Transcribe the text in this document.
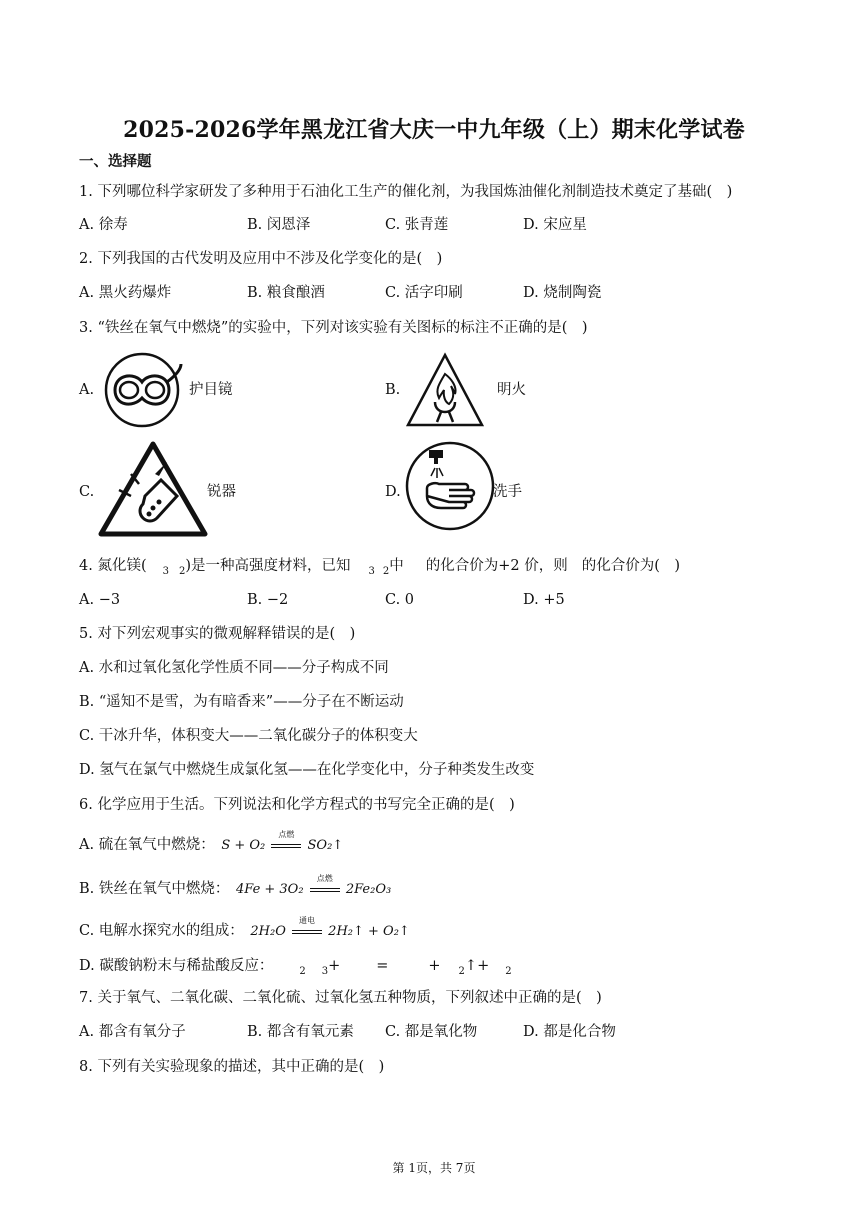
2025-2026学年黑龙江省大庆一中九年级（上）期末化学试卷
一、选择题
1. 下列哪位科学家研发了多种用于石油化工生产的催化剂，为我国炼油催化剂制造技术奠定了基础(　)
A. 徐寿	B. 闵恩泽	C. 张青莲	D. 宋应星
2. 下列我国的古代发明及应用中不涉及化学变化的是(　)
A. 黑火药爆炸	B. 粮食酿酒	C. 活字印刷	D. 烧制陶瓷
3. “铁丝在氧气中燃烧”的实验中，下列对该实验有关图标的标注不正确的是(　)
A.	护目镜	B.	明火
C.	锐器	D.	洗手
4. 氮化镁( $_3$ $_2$)是一种高强度材料，已知 $_3$ $_2$中 的化合价为+2 价，则 的化合价为(　)
A. −3	B. −2	C. 0	D. +5
5. 对下列宏观事实的微观解释错误的是(　)
A. 水和过氧化氢化学性质不同——分子构成不同
B. “遥知不是雪，为有暗香来”——分子在不断运动
C. 干冰升华，体积变大——二氧化碳分子的体积变大
D. 氢气在氯气中燃烧生成氯化氢——在化学变化中，分子种类发生改变
6. 化学应用于生活。下列说法和化学方程式的书写完全正确的是(　)
A. 硫在氧气中燃烧： S + O₂
点燃
SO₂↑
B. 铁丝在氧气中燃烧： 4Fe + 3O₂
点燃
2Fe₂O₃
C. 电解水探究水的组成： 2H₂O
通电
2H₂↑ + O₂↑
D. 碳酸钠粉末与稀盐酸反应：	$_2$ $_3$+ =	+ $_2$↑+ $_2$
7. 关于氧气、二氧化碳、二氧化硫、过氧化氢五种物质，下列叙述中正确的是(　)
A. 都含有氧分子	B. 都含有氧元素 C. 都是氧化物	D. 都是化合物
8. 下列有关实验现象的描述，其中正确的是(　)
第 1页，共 7页
